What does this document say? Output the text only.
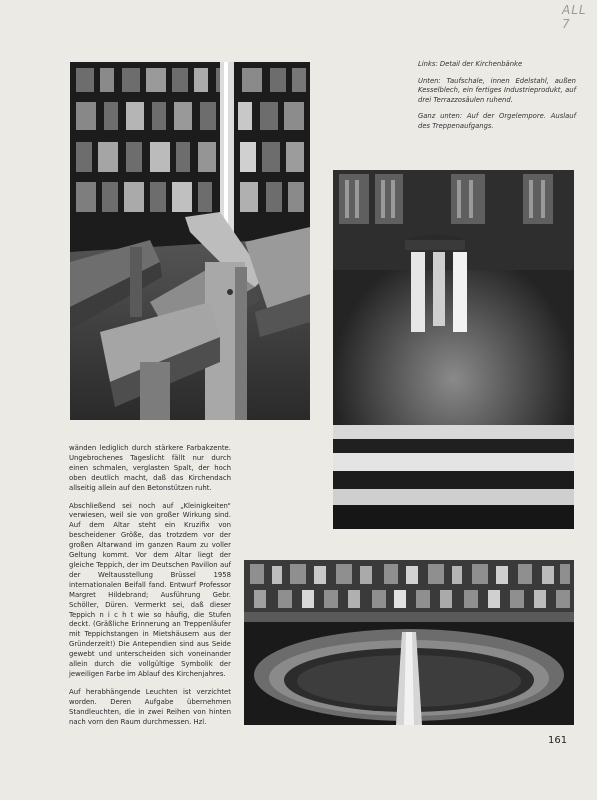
ALL 7

Links: Detail der Kirchenbänke

Unten: Taufschale, innen Edelstahl, außen Kesselblech, ein fertiges Industrieprodukt, auf drei Terrazzosäulen ruhend.

Ganz unten: Auf der Orgelempore. Auslauf des Treppenaufgangs.

wänden lediglich durch stärkere Farbakzente. Ungebrochenes Tageslicht fällt nur durch einen schmalen, verglasten Spalt, der hoch oben deutlich macht, daß das Kirchendach allseitig allein auf den Betonstützen ruht.

Abschließend sei noch auf „Kleinigkeiten“ verwiesen, weil sie von großer Wirkung sind. Auf dem Altar steht ein Kruzifix von bescheidener Größe, das trotzdem vor der großen Altarwand im ganzen Raum zu voller Geltung kommt. Vor dem Altar liegt der gleiche Teppich, der im Deutschen Pavillon auf der Weltausstellung Brüssel 1958 internationalen Beifall fand. Entwurf Professor Margret Hildebrand; Ausführung Gebr. Schöller, Düren. Vermerkt sei, daß dieser Teppich n i c h t wie so häufig, die Stufen deckt. (Gräßliche Erinnerung an Treppenläufer mit Teppichstangen in Mietshäusern aus der Gründerzeit!) Die Antependien sind aus Seide gewebt und unterscheiden sich voneinander allein durch die vollgültige Symbolik der jeweiligen Farbe im Ablauf des Kirchenjahres.

Auf herabhängende Leuchten ist verzichtet worden. Deren Aufgabe übernehmen Standleuchten, die in zwei Reihen von hinten nach vorn den Raum durchmessen. Hzl.

161
